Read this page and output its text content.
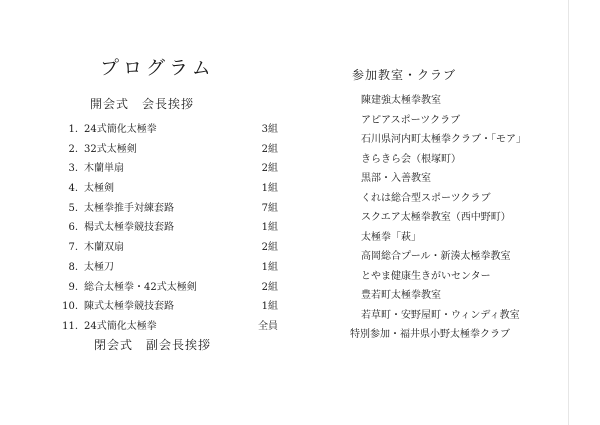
プログラム
開会式　会長挨拶
1. 24式簡化太極拳	3組
2. 32式太極剣	2組
3. 木蘭単扇	2組
4. 太極剣	1組
5. 太極拳推手対練套路	7組
6. 楊式太極拳競技套路	1組
7. 木蘭双扇	2組
8. 太極刀	1組
9. 総合太極拳・42式太極剣	2組
10. 陳式太極拳競技套路	1組
11. 24式簡化太極拳	全員
閉会式　副会長挨拶
参加教室・クラブ
陳建強太極拳教室
アピアスポーツクラブ
石川県河内町太極拳クラブ・「モア」
きらきら会（根塚町）
黒部・入善教室
くれは総合型スポーツクラブ
スクエア太極拳教室（西中野町）
太極拳「萩」
高岡総合プール・新湊太極拳教室
とやま健康生きがいセンター
豊若町太極拳教室
若草町・安野屋町・ウィンディ教室
特別参加・福井県小野太極拳クラブ
